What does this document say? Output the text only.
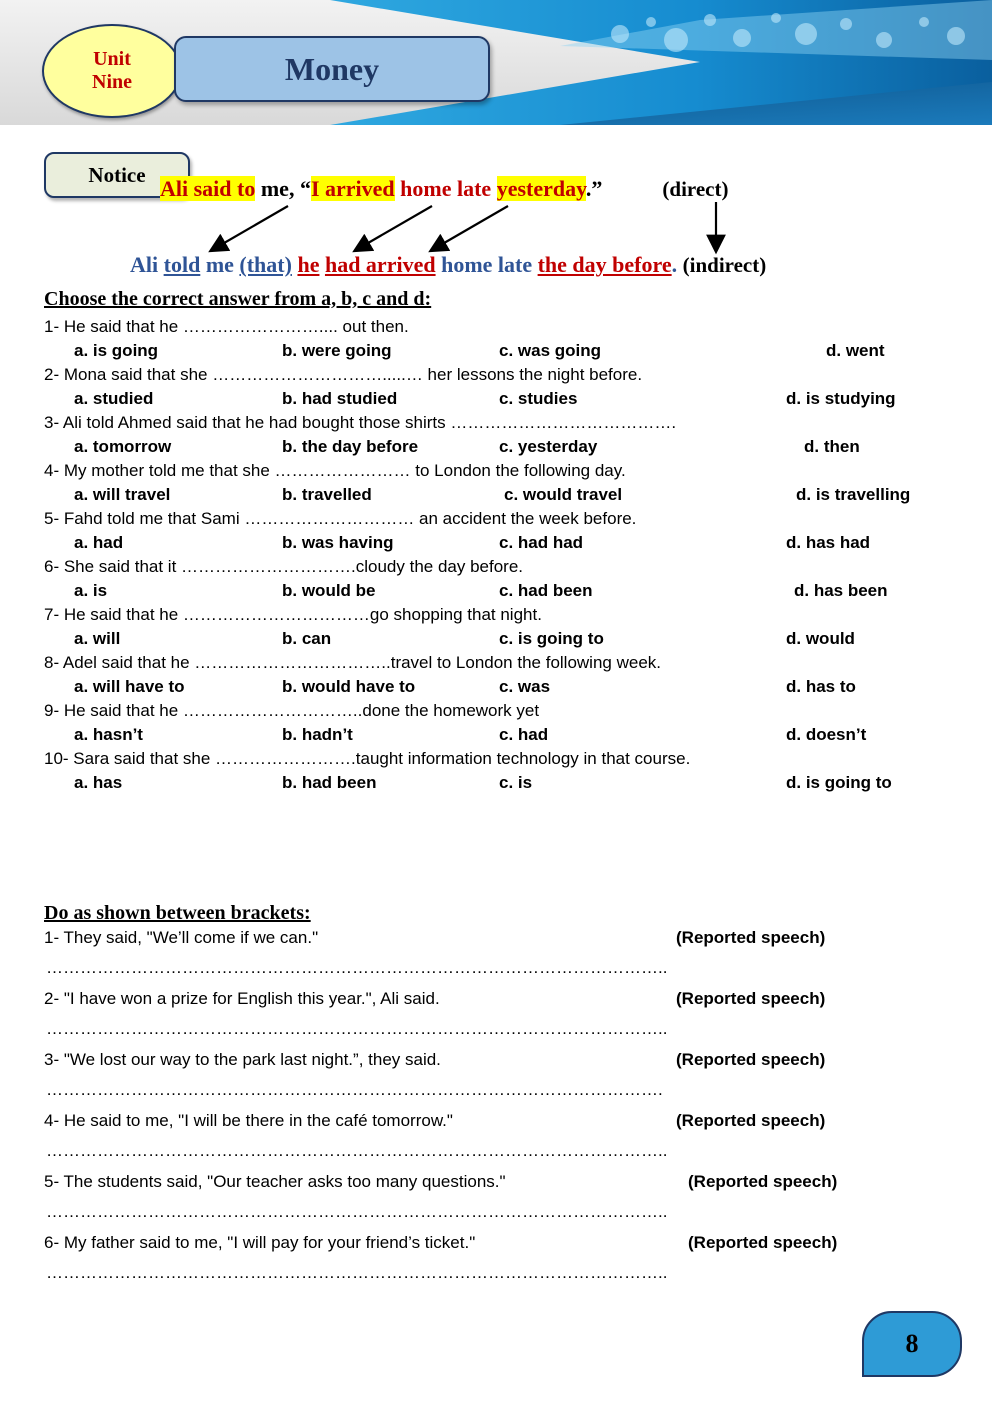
Unit
Nine	Money
Notice
Ali said to me, “I arrived home late yesterday.”	(direct)
Ali told me (that) he had arrived home late the day before. (indirect)
Choose the correct answer from a, b, c and d:
1- He said that he …………………….... out then.
a. is going	b. were going	c. was going	d. went
2- Mona said that she ………………………….....… her lessons the night before.
a. studied	b. had studied	c. studies	d. is studying
3- Ali told Ahmed said that he had bought those shirts ………………………………….
a. tomorrow	b. the day before	c. yesterday	d. then
4- My mother told me that she …………………… to London the following day.
a. will travel	b. travelled	c. would travel	d. is travelling
5- Fahd told me that Sami ………………………… an accident the week before.
a. had	b. was having	c. had had	d. has had
6- She said that it ………………………….cloudy the day before.
a. is	b. would be	c. had been	d. has been
7- He said that he ……………………………go shopping that night.
a. will	b. can	c. is going to	d. would
8- Adel said that he ……………………………..travel to London the following week.
a. will have to	b. would have to	c. was	d. has to
9- He said that he …………………………..done the homework yet
a. hasn’t	b. hadn’t	c. had	d. doesn’t
10- Sara said that she …………………….taught information technology in that course.
a. has	b. had been	c. is	d. is going to
Do as shown between brackets:
1- They said, "We’ll come if we can."	(Reported speech)
………………………………………………………………………………………………..
2- "I have won a prize for English this year.", Ali said.	(Reported speech)
………………………………………………………………………………………………..
3- "We lost our way to the park last night.”, they said.	(Reported speech)
……………………………………………………………………………………………….
4- He said to me, "I will be there in the café tomorrow."	(Reported speech)
………………………………………………………………………………………………..
5- The students said, "Our teacher asks too many questions."	(Reported speech)
………………………………………………………………………………………………..
6- My father said to me, "I will pay for your friend’s ticket."	(Reported speech)
………………………………………………………………………………………………..
8
